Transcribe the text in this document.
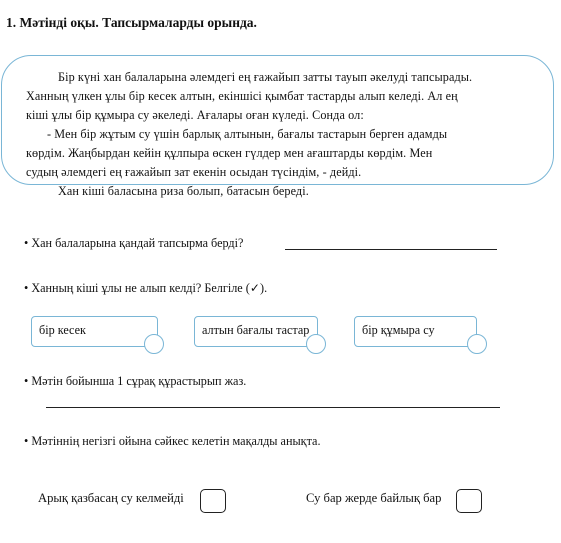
1. Мәтінді оқы. Тапсырмаларды орында.
Бір күні хан балаларына әлемдегі ең ғажайып затты тауып әкелуді тапсырады.
Ханның үлкен ұлы бір кесек алтын, екіншісі қымбат тастарды алып келеді. Ал ең
кіші ұлы бір құмыра су әкеледі. Ағалары оған күледі. Сонда ол:
- Мен бір жұтым су үшін барлық алтынын, бағалы тастарын берген адамды
көрдім. Жаңбырдан кейін құлпыра өскен гүлдер мен ағаштарды көрдім. Мен
судың әлемдегі ең ғажайып зат екенін осыдан түсіндім, - дейді.
Хан кіші баласына риза болып, батасын береді.
• Хан балаларына қандай тапсырма берді?
• Ханның кіші ұлы не алып келді? Белгіле (✓).
бір кесек	алтын бағалы тастар	бір құмыра су
• Мәтін бойынша 1 сұрақ құрастырып жаз.
• Мәтіннің негізгі ойына сәйкес келетін мақалды анықта.
Арық қазбасаң су келмейді	Су бар жерде байлық бар
